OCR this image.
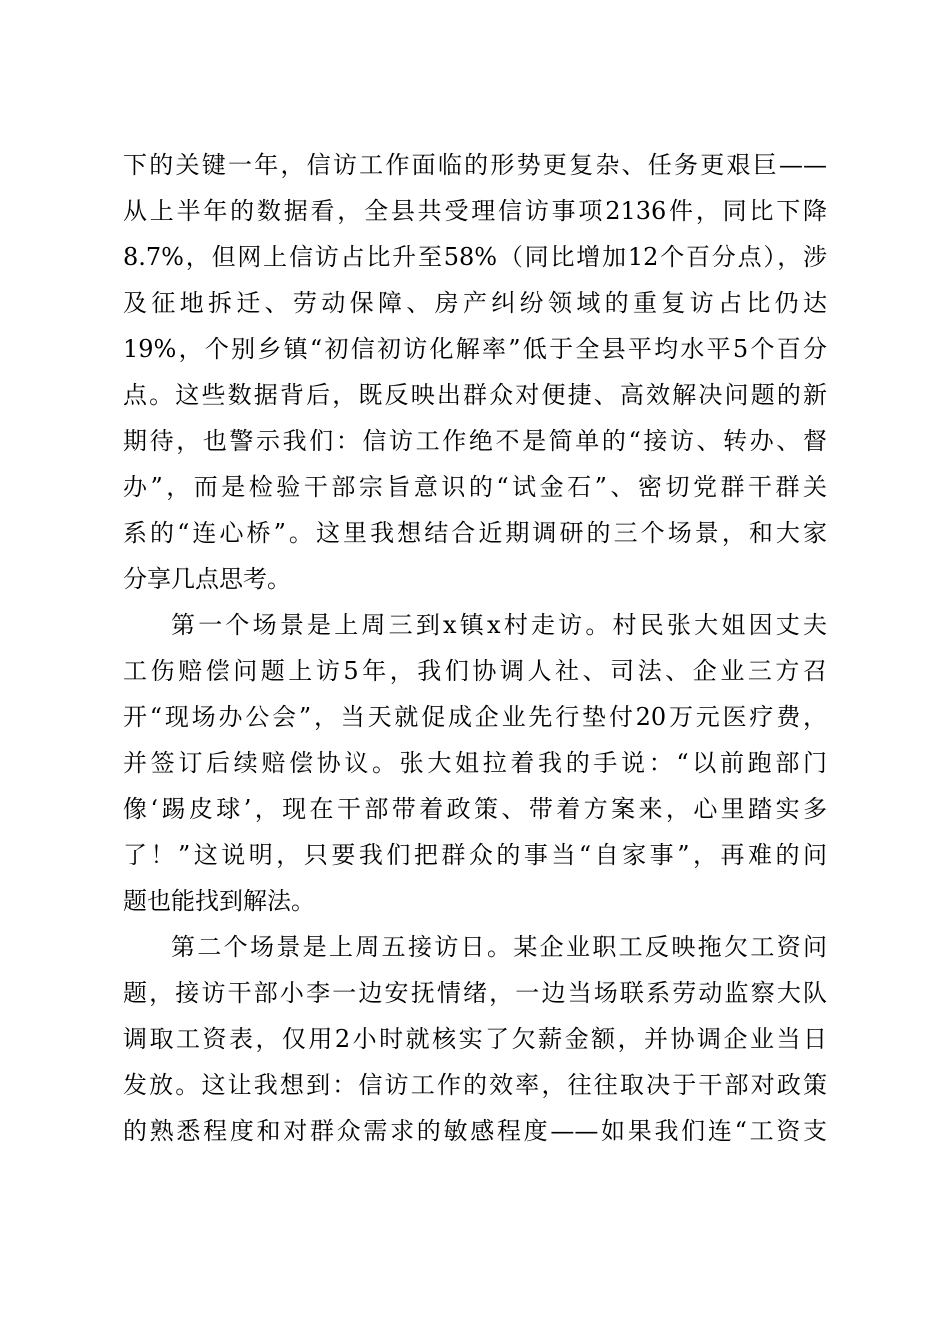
下的关键一年，信访工作面临的形势更复杂、任务更艰巨——
从上半年的数据看，全县共受理信访事项2136件，同比下降
8.7%，但网上信访占比升至58%（同比增加12个百分点），涉
及征地拆迁、劳动保障、房产纠纷领域的重复访占比仍达
19%，个别乡镇“初信初访化解率”低于全县平均水平5个百分
点。这些数据背后，既反映出群众对便捷、高效解决问题的新
期待，也警示我们：信访工作绝不是简单的“接访、转办、督
办”，而是检验干部宗旨意识的“试金石”、密切党群干群关
系的“连心桥”。这里我想结合近期调研的三个场景，和大家
分享几点思考。
第一个场景是上周三到x镇x村走访。村民张大姐因丈夫
工伤赔偿问题上访5年，我们协调人社、司法、企业三方召
开“现场办公会”，当天就促成企业先行垫付20万元医疗费，
并签订后续赔偿协议。张大姐拉着我的手说：“以前跑部门
像‘踢皮球’，现在干部带着政策、带着方案来，心里踏实多
了！”这说明，只要我们把群众的事当“自家事”，再难的问
题也能找到解法。
第二个场景是上周五接访日。某企业职工反映拖欠工资问
题，接访干部小李一边安抚情绪，一边当场联系劳动监察大队
调取工资表，仅用2小时就核实了欠薪金额，并协调企业当日
发放。这让我想到：信访工作的效率，往往取决于干部对政策
的熟悉程度和对群众需求的敏感程度——如果我们连“工资支
